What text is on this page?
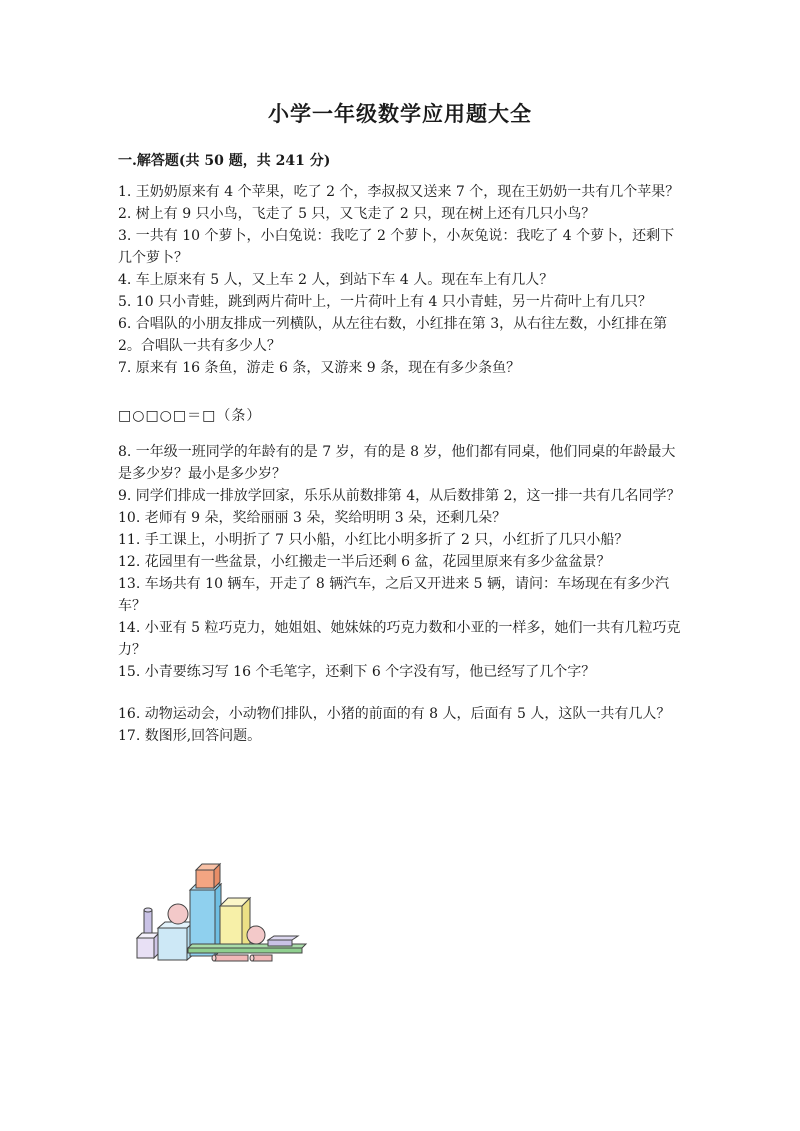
小学一年级数学应用题大全
一.解答题(共 50 题，共 241 分)

1. 王奶奶原来有 4 个苹果，吃了 2 个，李叔叔又送来 7 个，现在王奶奶一共有几个苹果？

2. 树上有 9 只小鸟，飞走了 5 只，又飞走了 2 只，现在树上还有几只小鸟？

3. 一共有 10 个萝卜，小白兔说：我吃了 2 个萝卜，小灰兔说：我吃了 4 个萝卜，还剩下几个萝卜？

4. 车上原来有 5 人，又上车 2 人，到站下车 4 人。现在车上有几人？

5. 10 只小青蛙，跳到两片荷叶上，一片荷叶上有 4 只小青蛙，另一片荷叶上有几只？

6. 合唱队的小朋友排成一列横队，从左往右数，小红排在第 3，从右往左数，小红排在第 2。合唱队一共有多少人？

7. 原来有 16 条鱼，游走 6 条，又游来 9 条，现在有多少条鱼？

□○□○□＝□（条）

8. 一年级一班同学的年龄有的是 7 岁，有的是 8 岁，他们都有同桌，他们同桌的年龄最大是多少岁？最小是多少岁？

9. 同学们排成一排放学回家，乐乐从前数排第 4，从后数排第 2，这一排一共有几名同学？

10. 老师有 9 朵，奖给丽丽 3 朵，奖给明明 3 朵，还剩几朵？

11. 手工课上，小明折了 7 只小船，小红比小明多折了 2 只，小红折了几只小船？

12. 花园里有一些盆景，小红搬走一半后还剩 6 盆，花园里原来有多少盆盆景？

13. 车场共有 10 辆车，开走了 8 辆汽车，之后又开进来 5 辆，请问：车场现在有多少汽车？

14. 小亚有 5 粒巧克力，她姐姐、她妹妹的巧克力数和小亚的一样多，她们一共有几粒巧克力？

15. 小青要练习写 16 个毛笔字，还剩下 6 个字没有写，他已经写了几个字？

16. 动物运动会，小动物们排队，小猪的前面的有 8 人，后面有 5 人，这队一共有几人？

17. 数图形,回答问题。
